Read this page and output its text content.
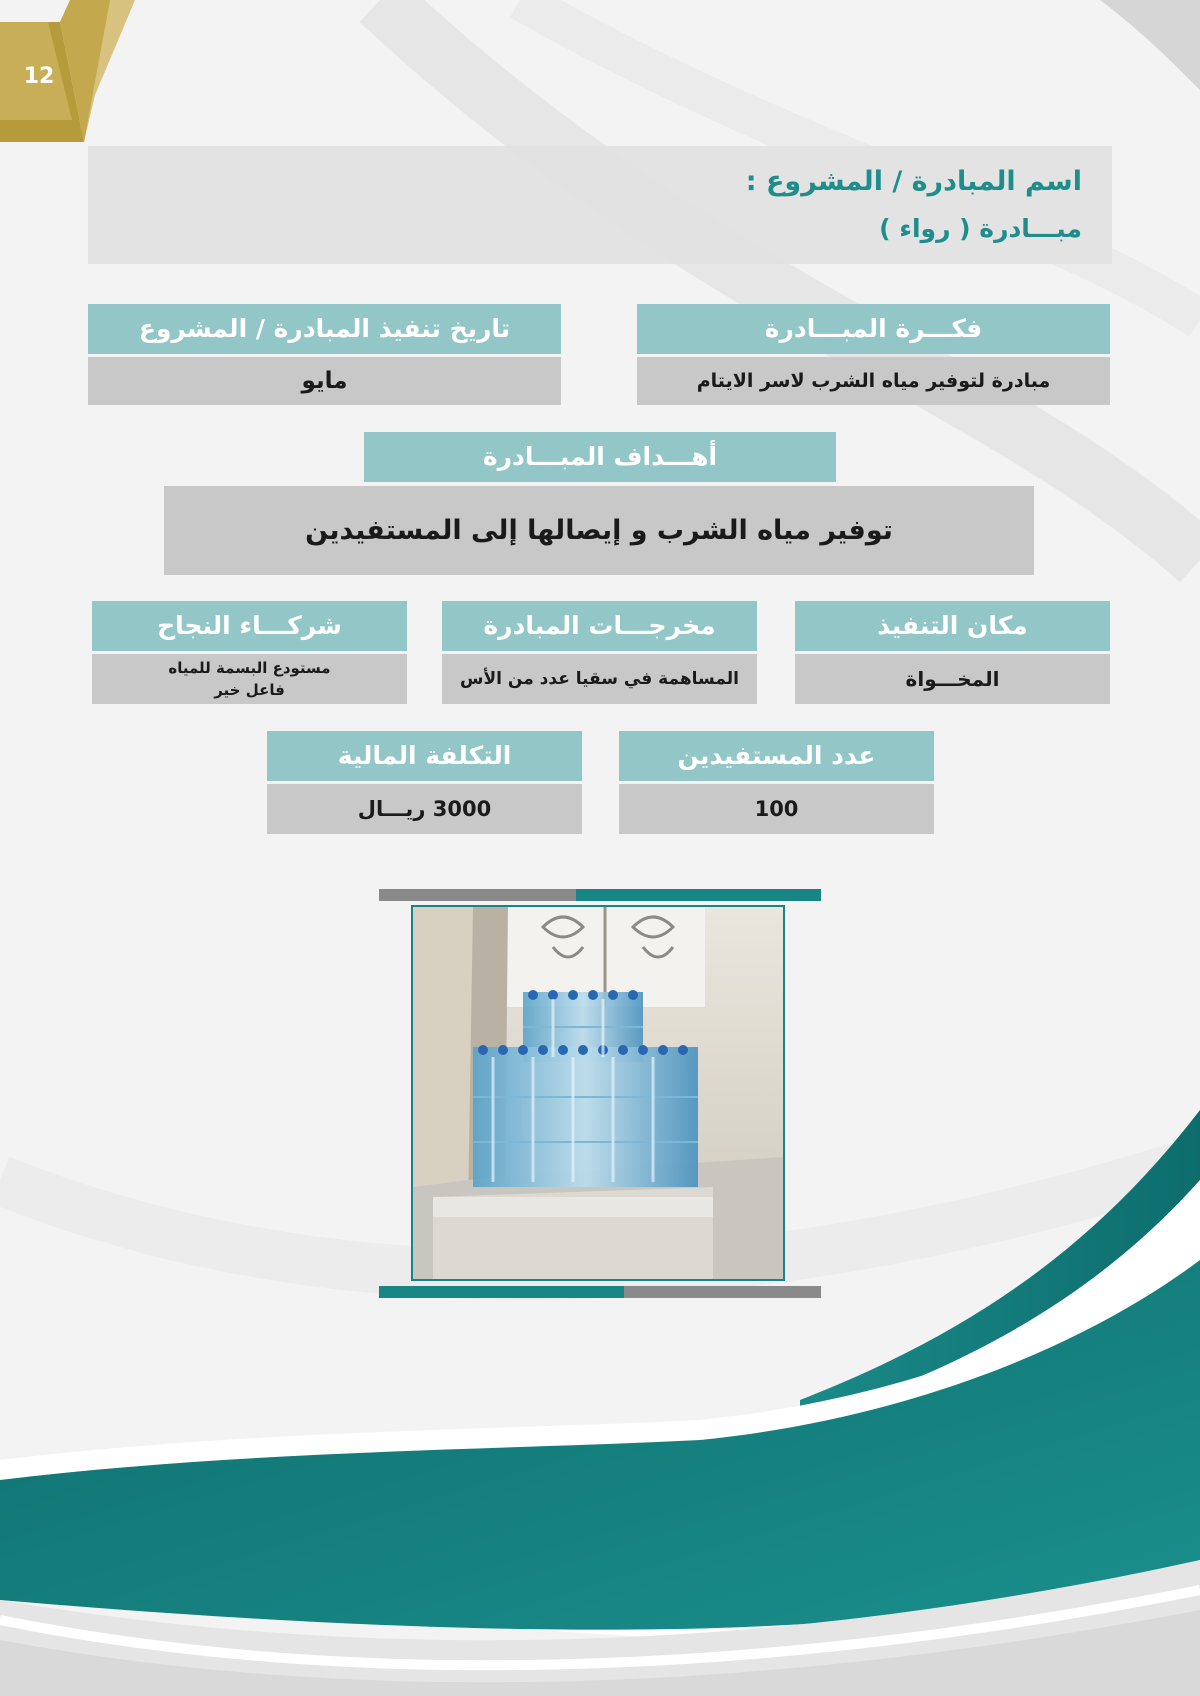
12
اسم المبادرة / المشروع :
مبـــادرة ( رواء )
فكـــرة المبـــادرة
مبادرة لتوفير مياه الشرب لاسر الايتام
تاريخ تنفيذ المبادرة / المشروع
مايو
أهـــداف المبـــادرة
توفير مياه الشرب و إيصالها إلى المستفيدين
مكان التنفيذ
المخـــواة
مخرجـــات المبادرة
المساهمة في سقيا عدد من الأس
شركـــاء النجاح
مستودع البسمة للمياه
فاعل خير
عدد المستفيدين
100
التكلفة المالية
3000 ريـــال
